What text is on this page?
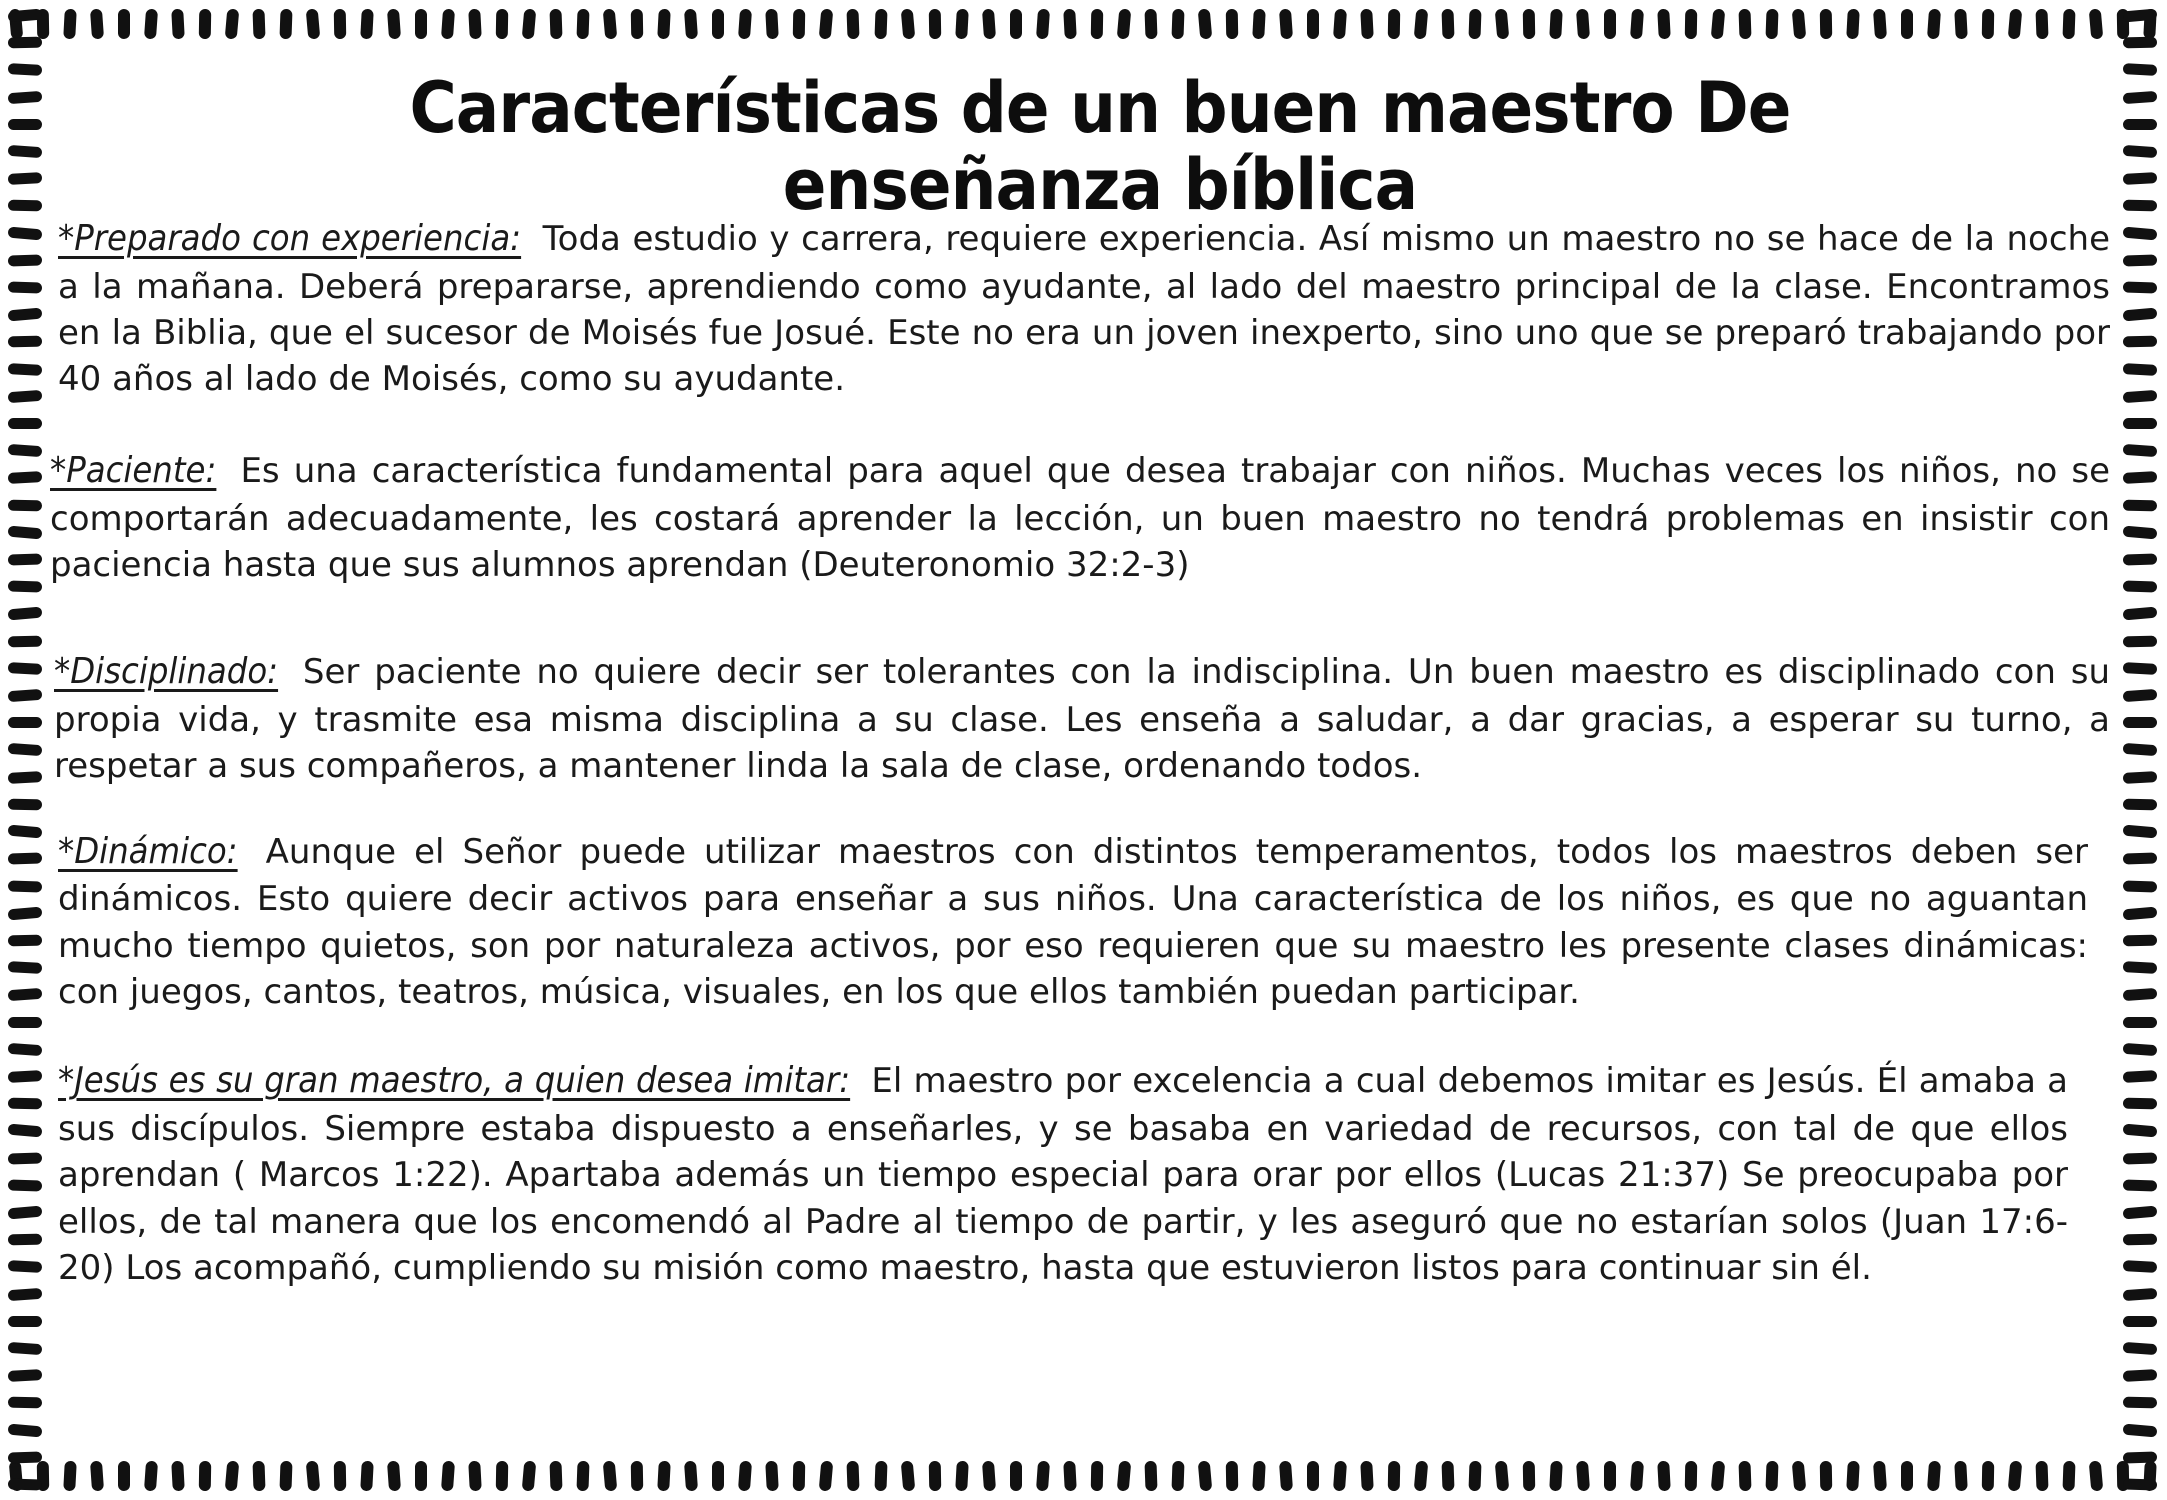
Características de un buen maestro De enseñanza bíblica

*Preparado con experiencia: Toda estudio y carrera, requiere experiencia. Así mismo un maestro no se hace de la noche a la mañana. Deberá prepararse, aprendiendo como ayudante, al lado del maestro principal de la clase. Encontramos en la Biblia, que el sucesor de Moisés fue Josué. Este no era un joven inexperto, sino uno que se preparó trabajando por 40 años al lado de Moisés, como su ayudante.

*Paciente: Es una característica fundamental para aquel que desea trabajar con niños. Muchas veces los niños, no se comportarán adecuadamente, les costará aprender la lección, un buen maestro no tendrá problemas en insistir con paciencia hasta que sus alumnos aprendan (Deuteronomio 32:2-3)

*Disciplinado: Ser paciente no quiere decir ser tolerantes con la indisciplina. Un buen maestro es disciplinado con su propia vida, y trasmite esa misma disciplina a su clase. Les enseña a saludar, a dar gracias, a esperar su turno, a respetar a sus compañeros, a mantener linda la sala de clase, ordenando todos.

*Dinámico: Aunque el Señor puede utilizar maestros con distintos temperamentos, todos los maestros deben ser dinámicos. Esto quiere decir activos para enseñar a sus niños. Una característica de los niños, es que no aguantan mucho tiempo quietos, son por naturaleza activos, por eso requieren que su maestro les presente clases dinámicas: con juegos, cantos, teatros, música, visuales, en los que ellos también puedan participar.

*Jesús es su gran maestro, a quien desea imitar: El maestro por excelencia a cual debemos imitar es Jesús. Él amaba a sus discípulos. Siempre estaba dispuesto a enseñarles, y se basaba en variedad de recursos, con tal de que ellos aprendan ( Marcos 1:22). Apartaba además un tiempo especial para orar por ellos (Lucas 21:37) Se preocupaba por ellos, de tal manera que los encomendó al Padre al tiempo de partir, y les aseguró que no estarían solos (Juan 17:6-20) Los acompañó, cumpliendo su misión como maestro, hasta que estuvieron listos para continuar sin él.
